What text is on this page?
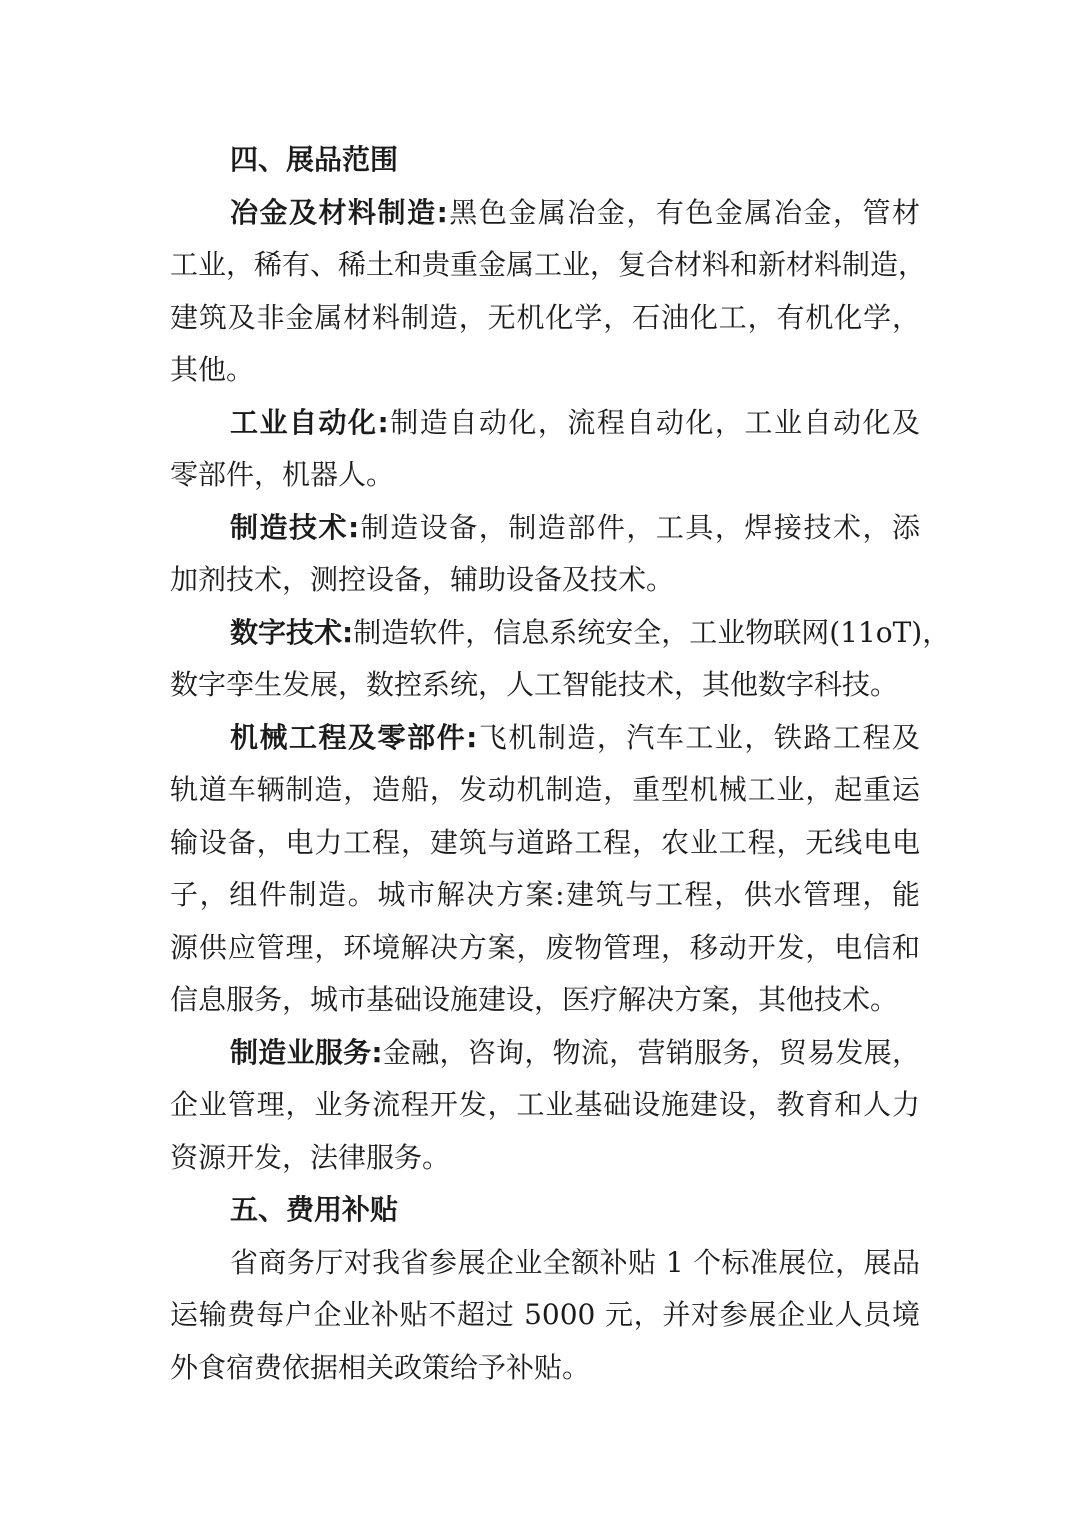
四、展品范围
冶金及材料制造:黑色金属冶金，有色金属冶金，管材
工业，稀有、稀土和贵重金属工业，复合材料和新材料制造，
建筑及非金属材料制造，无机化学，石油化工，有机化学，
其他。
工业自动化:制造自动化，流程自动化，工业自动化及
零部件，机器人。
制造技术:制造设备，制造部件，工具，焊接技术，添
加剂技术，测控设备，辅助设备及技术。
数字技术:制造软件，信息系统安全，工业物联网(11oT)，
数字孪生发展，数控系统，人工智能技术，其他数字科技。
机械工程及零部件:飞机制造，汽车工业，铁路工程及
轨道车辆制造，造船，发动机制造，重型机械工业，起重运
输设备，电力工程，建筑与道路工程，农业工程，无线电电
子，组件制造。城市解决方案:建筑与工程，供水管理，能
源供应管理，环境解决方案，废物管理，移动开发，电信和
信息服务，城市基础设施建设，医疗解决方案，其他技术。
制造业服务:金融，咨询，物流，营销服务，贸易发展，
企业管理，业务流程开发，工业基础设施建设，教育和人力
资源开发，法律服务。
五、费用补贴
省商务厅对我省参展企业全额补贴 1 个标准展位，展品
运输费每户企业补贴不超过 5000 元，并对参展企业人员境
外食宿费依据相关政策给予补贴。
